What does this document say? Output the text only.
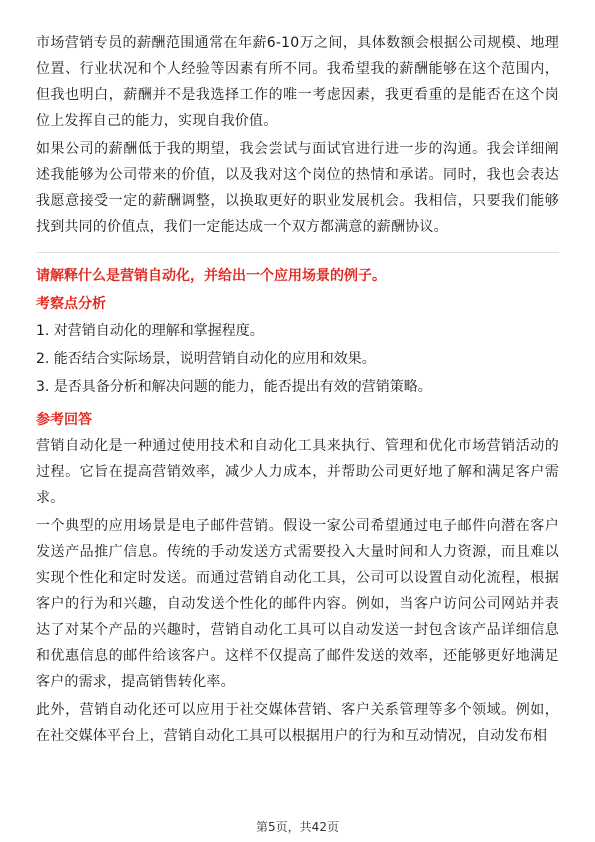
市场营销专员的薪酬范围通常在年薪6-10万之间，具体数额会根据公司规模、地理位置、行业状况和个人经验等因素有所不同。我希望我的薪酬能够在这个范围内，但我也明白，薪酬并不是我选择工作的唯一考虑因素，我更看重的是能否在这个岗位上发挥自己的能力，实现自我价值。

如果公司的薪酬低于我的期望，我会尝试与面试官进行进一步的沟通。我会详细阐述我能够为公司带来的价值，以及我对这个岗位的热情和承诺。同时，我也会表达我愿意接受一定的薪酬调整，以换取更好的职业发展机会。我相信，只要我们能够找到共同的价值点，我们一定能达成一个双方都满意的薪酬协议。

请解释什么是营销自动化，并给出一个应用场景的例子。
考察点分析
1. 对营销自动化的理解和掌握程度。
2. 能否结合实际场景，说明营销自动化的应用和效果。
3. 是否具备分析和解决问题的能力，能否提出有效的营销策略。
参考回答

营销自动化是一种通过使用技术和自动化工具来执行、管理和优化市场营销活动的过程。它旨在提高营销效率，减少人力成本，并帮助公司更好地了解和满足客户需求。

一个典型的应用场景是电子邮件营销。假设一家公司希望通过电子邮件向潜在客户发送产品推广信息。传统的手动发送方式需要投入大量时间和人力资源，而且难以实现个性化和定时发送。而通过营销自动化工具，公司可以设置自动化流程，根据客户的行为和兴趣，自动发送个性化的邮件内容。例如，当客户访问公司网站并表达了对某个产品的兴趣时，营销自动化工具可以自动发送一封包含该产品详细信息和优惠信息的邮件给该客户。这样不仅提高了邮件发送的效率，还能够更好地满足客户的需求，提高销售转化率。

此外，营销自动化还可以应用于社交媒体营销、客户关系管理等多个领域。例如，在社交媒体平台上，营销自动化工具可以根据用户的行为和互动情况，自动发布相

第5页，共42页
